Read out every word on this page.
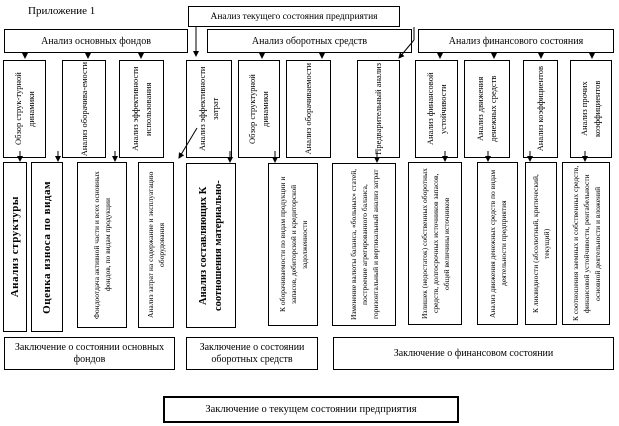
Приложение 1	Анализ текущего состояния предприятия
Анализ основных фондов	Анализ оборотных средств	Анализ финансового состояния
Обзор струк-турной динамики	Анализ оборачива-емости	Анализ эффективности использования
Анализ структуры Оценка износа по видам	Фондоотдача активной части и всех основных фондов, по видам продукции	Анализ затрат на содержание и эксплуатацию оборудования
Анализ эффективности затрат	Обзор структурной динамики	Анализ оборачиваемости	Предварительный анализ
Анализ составляющих К соотношения материально-	К оборачиваемости по видам продукции и запасов, дебиторской и кредиторской задолженности	Изменение валюты баланса, «больных» статей, построение агрегированного баланса, горизонтальный и вертикальный анализ затрат
Анализ финансовой устойчивости	Анализ движения денежных средств	Анализ коэффициентов	Анализ прочих коэффициентов
Излишек (недостаток) собственных оборотных средств, долгосрочных источников запасов, общей величины источников	Анализ движения денежных средств по видам деятельности предприятия	К ликвидности (абсолютный, критический, текущий)	К соотношения заемных и собственных средств, финансовой устойчивости, рентабельности основной деятельности и вложений
Заключение о состоянии основных фондов
Заключение о состоянии оборотных средств
Заключение о финансовом состоянии
Заключение о текущем состоянии предприятия
